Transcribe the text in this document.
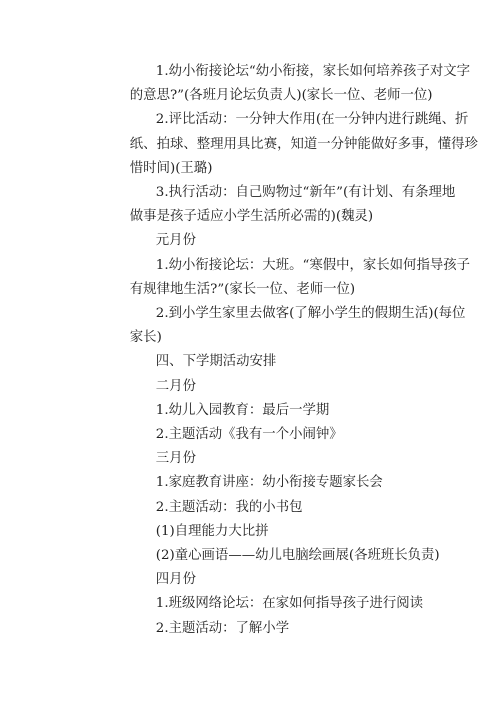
1.幼小衔接论坛“幼小衔接，家长如何培养孩子对文字
的意思?”(各班月论坛负责人)(家长一位、老师一位)

2.评比活动：一分钟大作用(在一分钟内进行跳绳、折
纸、拍球、整理用具比赛，知道一分钟能做好多事，懂得珍
惜时间)(王璐)

3.执行活动：自己购物过“新年”(有计划、有条理地
做事是孩子适应小学生活所必需的)(魏灵)

元月份

1.幼小衔接论坛：大班。“寒假中，家长如何指导孩子
有规律地生活?”(家长一位、老师一位)

2.到小学生家里去做客(了解小学生的假期生活)(每位
家长)

四、下学期活动安排

二月份

1.幼儿入园教育：最后一学期

2.主题活动《我有一个小闹钟》

三月份

1.家庭教育讲座：幼小衔接专题家长会

2.主题活动：我的小书包

(1)自理能力大比拼

(2)童心画语——幼儿电脑绘画展(各班班长负责)

四月份

1.班级网络论坛：在家如何指导孩子进行阅读

2.主题活动：了解小学
